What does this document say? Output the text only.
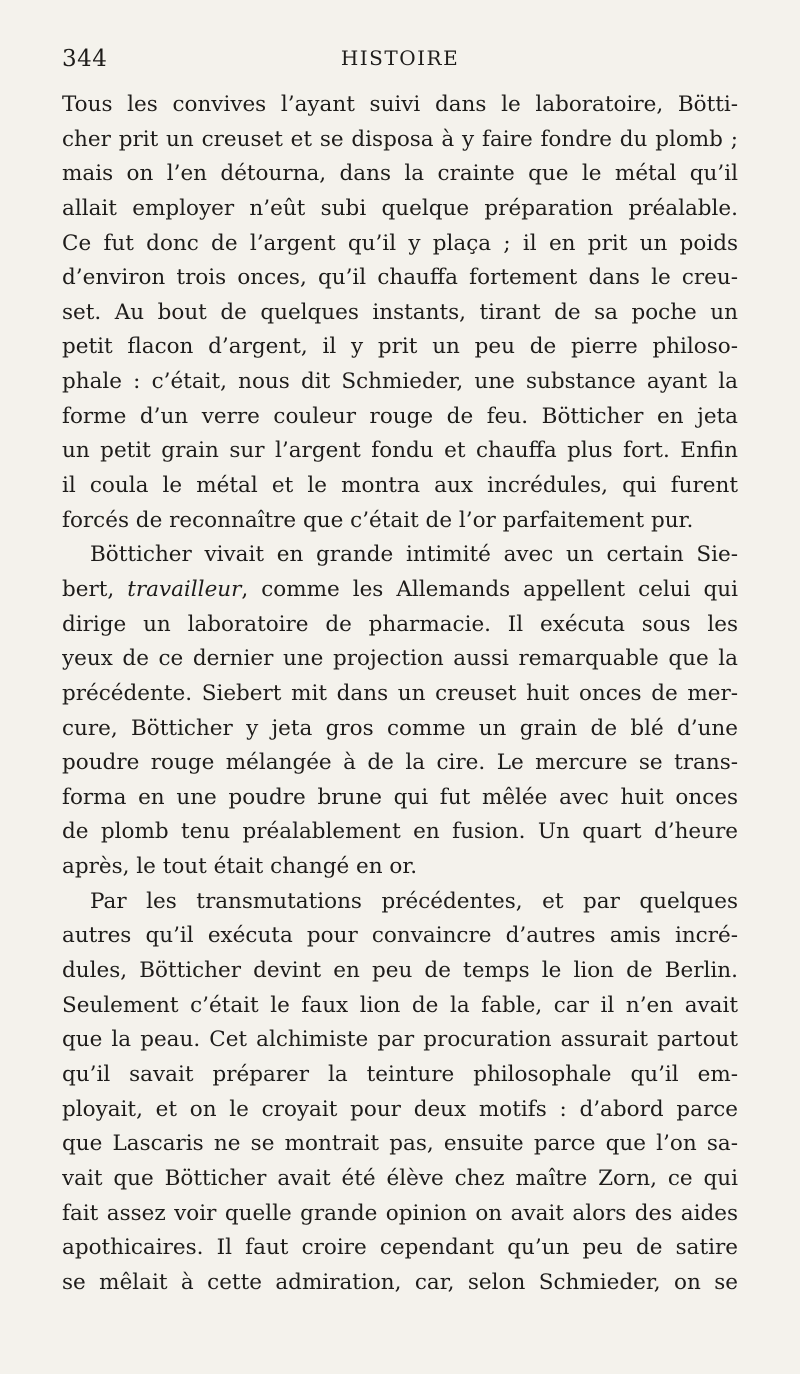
344	HISTOIRE
Tous les convives l’ayant suivi dans le laboratoire, Bötti-
cher prit un creuset et se disposa à y faire fondre du plomb ;
mais on l’en détourna, dans la crainte que le métal qu’il
allait employer n’eût subi quelque préparation préalable.
Ce fut donc de l’argent qu’il y plaça ; il en prit un poids
d’environ trois onces, qu’il chauffa fortement dans le creu-
set. Au bout de quelques instants, tirant de sa poche un
petit flacon d’argent, il y prit un peu de pierre philoso-
phale : c’était, nous dit Schmieder, une substance ayant la
forme d’un verre couleur rouge de feu. Bötticher en jeta
un petit grain sur l’argent fondu et chauffa plus fort. Enfin
il coula le métal et le montra aux incrédules, qui furent
forcés de reconnaître que c’était de l’or parfaitement pur.
Bötticher vivait en grande intimité avec un certain Sie-
bert, travailleur, comme les Allemands appellent celui qui
dirige un laboratoire de pharmacie. Il exécuta sous les
yeux de ce dernier une projection aussi remarquable que la
précédente. Siebert mit dans un creuset huit onces de mer-
cure, Bötticher y jeta gros comme un grain de blé d’une
poudre rouge mélangée à de la cire. Le mercure se trans-
forma en une poudre brune qui fut mêlée avec huit onces
de plomb tenu préalablement en fusion. Un quart d’heure
après, le tout était changé en or.
Par les transmutations précédentes, et par quelques
autres qu’il exécuta pour convaincre d’autres amis incré-
dules, Bötticher devint en peu de temps le lion de Berlin.
Seulement c’était le faux lion de la fable, car il n’en avait
que la peau. Cet alchimiste par procuration assurait partout
qu’il savait préparer la teinture philosophale qu’il em-
ployait, et on le croyait pour deux motifs : d’abord parce
que Lascaris ne se montrait pas, ensuite parce que l’on sa-
vait que Bötticher avait été élève chez maître Zorn, ce qui
fait assez voir quelle grande opinion on avait alors des aides
apothicaires. Il faut croire cependant qu’un peu de satire
se mêlait à cette admiration, car, selon Schmieder, on se
